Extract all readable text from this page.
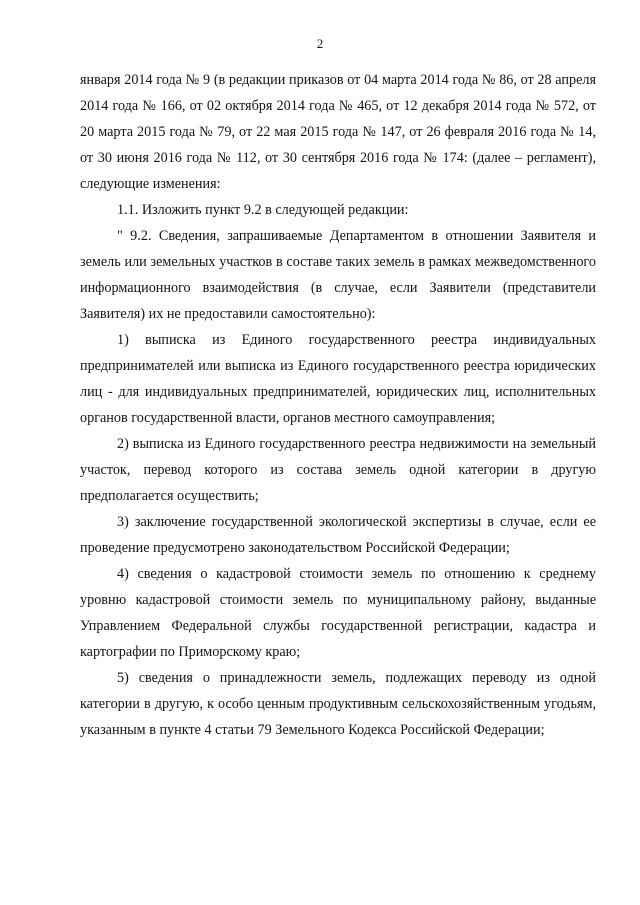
2

января 2014 года № 9 (в редакции приказов от 04 марта 2014 года № 86, от 28 апреля 2014 года № 166, от 02 октября 2014 года № 465, от 12 декабря 2014 года № 572, от 20 марта 2015 года № 79, от 22 мая 2015 года № 147, от 26 февраля 2016 года № 14, от 30 июня 2016 года № 112, от 30 сентября 2016 года № 174: (далее – регламент), следующие изменения:

1.1. Изложить пункт 9.2 в следующей редакции:

" 9.2. Сведения, запрашиваемые Департаментом в отношении Заявителя и земель или земельных участков в составе таких земель в рамках межведомственного информационного взаимодействия (в случае, если Заявители (представители Заявителя) их не предоставили самостоятельно):

1) выписка из Единого государственного реестра индивидуальных предпринимателей или выписка из Единого государственного реестра юридических лиц - для индивидуальных предпринимателей, юридических лиц, исполнительных органов государственной власти, органов местного самоуправления;

2) выписка из Единого государственного реестра недвижимости на земельный участок, перевод которого из состава земель одной категории в другую предполагается осуществить;

3) заключение государственной экологической экспертизы в случае, если ее проведение предусмотрено законодательством Российской Федерации;

4) сведения о кадастровой стоимости земель по отношению к среднему уровню кадастровой стоимости земель по муниципальному району, выданные Управлением Федеральной службы государственной регистрации, кадастра и картографии по Приморскому краю;

5) сведения о принадлежности земель, подлежащих переводу из одной категории в другую, к особо ценным продуктивным сельскохозяйственным угодьям, указанным в пункте 4 статьи 79 Земельного Кодекса Российской Федерации;
